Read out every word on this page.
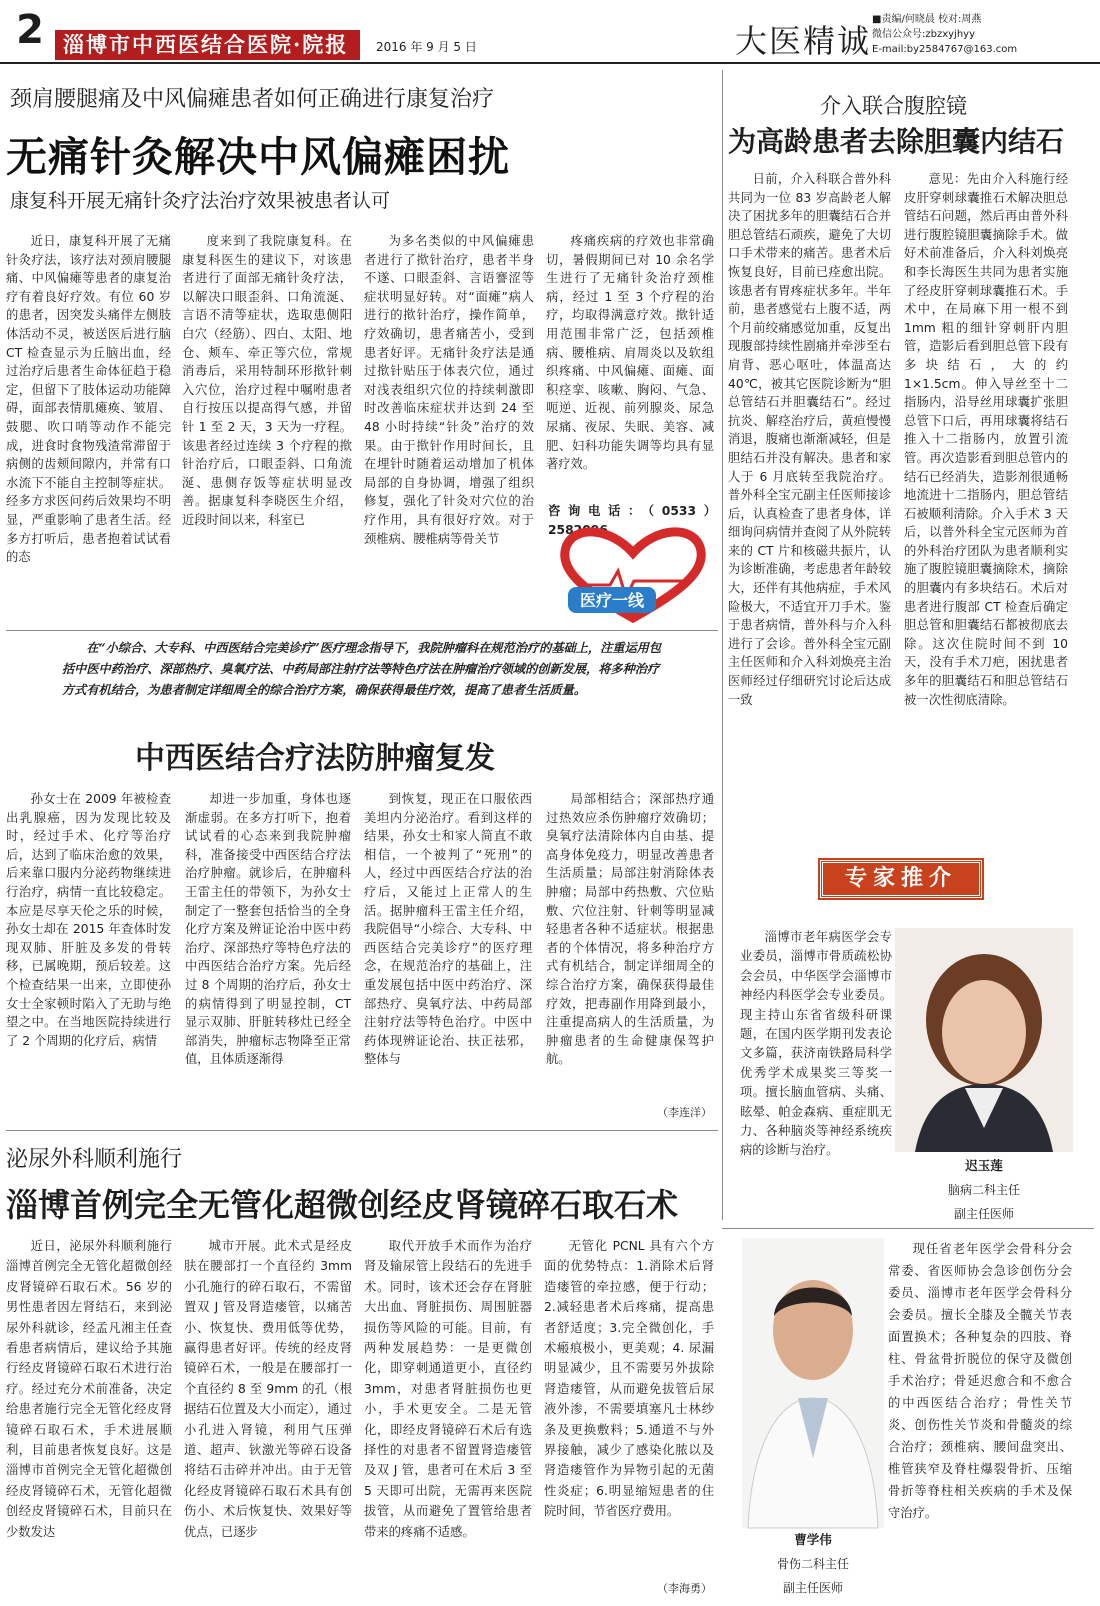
2 淄博市中西医结合医院·院报	2016 年 9 月 5 日	大医精诚
■责编/何晓晨 校对:周燕
微信公众号:zbzxyjhyy
E-mail:by2584767@163.com
颈肩腰腿痛及中风偏瘫患者如何正确进行康复治疗
无痛针灸解决中风偏瘫困扰
康复科开展无痛针灸疗法治疗效果被患者认可

近日，康复科开展了无痛针灸疗法，该疗法对颈肩腰腿痛、中风偏瘫等患者的康复治疗有着良好疗效。有位 60 岁的患者，因突发头痛伴左侧肢体活动不灵，被送医后进行脑 CT 检查显示为丘脑出血，经过治疗后患者生命体征趋于稳定，但留下了肢体运动功能障碍，面部表情肌瘫痪、皱眉、鼓腮、吹口哨等动作不能完成，进食时食物残渣常滞留于病侧的齿颊间隙内，并常有口水流下不能自主控制等症状。经多方求医问药后效果均不明显，严重影响了患者生活。经多方打听后，患者抱着试试看的态

度来到了我院康复科。在康复科医生的建议下，对该患者进行了面部无痛针灸疗法，以解决口眼歪斜、口角流涎、言语不清等症状，选取患侧阳白穴（经筋）、四白、太阳、地仓、颊车、牵正等穴位，常规消毒后，采用特制环形揿针刺入穴位，治疗过程中嘱咐患者自行按压以提高得气感，并留针 1 至 2 天，3 天为一疗程。该患者经过连续 3 个疗程的揿针治疗后，口眼歪斜、口角流涎、患侧存饭等症状明显改善。据康复科李晓医生介绍，近段时间以来，科室已

为多名类似的中风偏瘫患者进行了揿针治疗，患者半身不遂、口眼歪斜、言语謇涩等症状明显好转。对“面瘫”病人进行的揿针治疗，操作简单，疗效确切，患者痛苦小，受到患者好评。无痛针灸疗法是通过揿针贴压于体表穴位，通过对浅表组织穴位的持续刺激即时改善临床症状并达到 24 至 48 小时持续“针灸”治疗的效果。由于揿针作用时间长，且在埋针时随着运动增加了机体局部的自身协调，增强了组织修复，强化了针灸对穴位的治疗作用，具有很好疗效。对于颈椎病、腰椎病等骨关节

疼痛疾病的疗效也非常确切，暑假期间已对 10 余名学生进行了无痛针灸治疗颈椎病，经过 1 至 3 个疗程的治疗，均取得满意疗效。揿针适用范围非常广泛，包括颈椎病、腰椎病、肩周炎以及软组织疼痛、中风偏瘫、面瘫、面积痉挛、咳嗽、胸闷、气急、呃逆、近视、前列腺炎、尿急尿痛、夜尿、失眠、美容、减肥、妇科功能失调等均具有显著疗效。

咨询电话：（0533）2582096
医疗一线
在“小综合、大专科、中西医结合完美诊疗”医疗理念指导下，我院肿瘤科在规范治疗的基础上，注重运用包括中医中药治疗、深部热疗、臭氧疗法、中药局部注射疗法等特色疗法在肿瘤治疗领域的创新发展，将多种治疗方式有机结合，为患者制定详细周全的综合治疗方案，确保获得最佳疗效，提高了患者生活质量。
中西医结合疗法防肿瘤复发

孙女士在 2009 年被检查出乳腺癌，因为发现比较及时，经过手术、化疗等治疗后，达到了临床治愈的效果，后来靠口服内分泌药物继续进行治疗，病情一直比较稳定。本应是尽享天伦之乐的时候，孙女士却在 2015 年查体时发现双肺、肝脏及多发的骨转移，已属晚期，预后较差。这个检查结果一出来，立即使孙女士全家顿时陷入了无助与绝望之中。在当地医院持续进行了 2 个周期的化疗后，病情

却进一步加重，身体也逐渐虚弱。在多方打听下，抱着试试看的心态来到我院肿瘤科，准备接受中西医结合疗法治疗肿瘤。就诊后，在肿瘤科王雷主任的带领下，为孙女士制定了一整套包括恰当的全身化疗方案及辨证论治中医中药治疗、深部热疗等特色疗法的中西医结合治疗方案。先后经过 8 个周期的治疗后，孙女士的病情得到了明显控制，CT 显示双肺、肝脏转移灶已经全部消失，肿瘤标志物降至正常值，且体质逐渐得

到恢复，现正在口服依西美坦内分泌治疗。看到这样的结果，孙女士和家人简直不敢相信，一个被判了“死刑”的人，经过中西医结合疗法的治疗后，又能过上正常人的生活。据肿瘤科王雷主任介绍，我院倡导“小综合、大专科、中西医结合完美诊疗”的医疗理念，在规范治疗的基础上，注重发展包括中医中药治疗、深部热疗、臭氧疗法、中药局部注射疗法等特色治疗。中医中药体现辨证论治、扶正祛邪，整体与

局部相结合；深部热疗通过热效应杀伤肿瘤疗效确切；臭氧疗法清除体内自由基、提高身体免疫力，明显改善患者生活质量；局部注射消除体表肿瘤；局部中药热敷、穴位贴敷、穴位注射、针刺等明显减轻患者各种不适症状。根据患者的个体情况，将多种治疗方式有机结合，制定详细周全的综合治疗方案，确保获得最佳疗效，把毒副作用降到最小，注重提高病人的生活质量，为肿瘤患者的生命健康保驾护航。

（李连洋）
介入联合腹腔镜
为高龄患者去除胆囊内结石

日前，介入科联合普外科共同为一位 83 岁高龄老人解决了困扰多年的胆囊结石合并胆总管结石顽疾，避免了大切口手术带来的痛苦。患者术后恢复良好，目前已痊愈出院。该患者有胃疼症状多年。半年前，患者感觉右上腹不适，两个月前绞痛感觉加重，反复出现腹部持续性剧痛并牵涉至右肩背、恶心呕吐，体温高达 40℃，被其它医院诊断为“胆总管结石并胆囊结石”。经过抗炎、解痉治疗后，黄疸慢慢消退，腹痛也渐渐减轻，但是胆结石并没有解决。患者和家人于 6 月底转至我院治疗。普外科全宝元副主任医师接诊后，认真检查了患者身体，详细询问病情并查阅了从外院转来的 CT 片和核磁共振片，认为诊断准确，考虑患者年龄较大，还伴有其他病症，手术风险极大，不适宜开刀手术。鉴于患者病情，普外科与介入科进行了会诊。普外科全宝元副主任医师和介入科刘焕亮主治医师经过仔细研究讨论后达成一致

意见：先由介入科施行经皮肝穿刺球囊推石术解决胆总管结石问题，然后再由普外科进行腹腔镜胆囊摘除手术。做好术前准备后，介入科刘焕亮和李长海医生共同为患者实施了经皮肝穿刺球囊推石术。手术中，在局麻下用一根不到 1mm 粗的细针穿刺肝内胆管，造影后看到胆总管下段有多块结石，大的约 1×1.5cm。伸入导丝至十二指肠内，沿导丝用球囊扩张胆总管下口后，再用球囊将结石推入十二指肠内，放置引流管。再次造影看到胆总管内的结石已经消失，造影剂很通畅地流进十二指肠内，胆总管结石被顺利清除。介入手术 3 天后，以普外科全宝元医师为首的外科治疗团队为患者顺利实施了腹腔镜胆囊摘除术，摘除的胆囊内有多块结石。术后对患者进行腹部 CT 检查后确定胆总管和胆囊结石都被彻底去除。这次住院时间不到 10 天，没有手术刀疤，困扰患者多年的胆囊结石和胆总管结石被一次性彻底清除。

专家推介

淄博市老年病医学会专业委员，淄博市骨质疏松协会会员，中华医学会淄博市神经内科医学会专业委员。现主持山东省省级科研课题，在国内医学期刊发表论文多篇，获济南铁路局科学优秀学术成果奖三等奖一项。擅长脑血管病、头痛、眩晕、帕金森病、重症肌无力、各种脑炎等神经系统疾病的诊断与治疗。

迟玉莲
脑病二科主任
副主任医师
曹学伟
骨伤二科主任
副主任医师

现任省老年医学会骨科分会常委、省医师协会急诊创伤分会委员、淄博市老年医学会骨科分会委员。擅长全膝及全髋关节表面置换术；各种复杂的四肢、脊柱、骨盆骨折脱位的保守及微创手术治疗；骨延迟愈合和不愈合的中西医结合治疗；骨性关节炎、创伤性关节炎和骨髓炎的综合治疗；颈椎病、腰间盘突出、椎管狭窄及脊柱爆裂骨折、压缩骨折等脊柱相关疾病的手术及保守治疗。

泌尿外科顺利施行
淄博首例完全无管化超微创经皮肾镜碎石取石术

近日，泌尿外科顺利施行淄博首例完全无管化超微创经皮肾镜碎石取石术。56 岁的男性患者因左肾结石，来到泌尿外科就诊，经孟凡湘主任查看患者病情后，建议给予其施行经皮肾镜碎石取石术进行治疗。经过充分术前准备，决定给患者施行完全无管化经皮肾镜碎石取石术，手术进展顺利，目前患者恢复良好。这是淄博市首例完全无管化超微创经皮肾镜碎石术，无管化超微创经皮肾镜碎石术，目前只在少数发达

城市开展。此术式是经皮肤在腰部打一个直径约 3mm 小孔施行的碎石取石，不需留置双 J 管及肾造瘘管，以痛苦小、恢复快、费用低等优势，赢得患者好评。传统的经皮肾镜碎石术，一般是在腰部打一个直径约 8 至 9mm 的孔（根据结石位置及大小而定），通过小孔进入肾镜，利用气压弹道、超声、钬激光等碎石设备将结石击碎并冲出。由于无管化经皮肾镜碎石取石术具有创伤小、术后恢复快、效果好等优点，已逐步

取代开放手术而作为治疗肾及输尿管上段结石的先进手术。同时，该术还会存在肾脏大出血、肾脏损伤、周围脏器损伤等风险的可能。目前，有两种发展趋势：一是更微创化，即穿刺通道更小，直径约 3mm，对患者肾脏损伤也更小，手术更安全。二是无管化，即经皮肾镜碎石术后有选择性的对患者不留置肾造瘘管及双 J 管，患者可在术后 3 至 5 天即可出院，无需再来医院拔管，从而避免了置管给患者带来的疼痛不适感。

无管化 PCNL 具有六个方面的优势特点：1.消除术后肾造瘘管的牵拉感，便于行动；2.减轻患者术后疼痛，提高患者舒适度；3.完全微创化，手术瘢痕极小，更美观；4. 尿漏明显减少，且不需要另外拔除肾造瘘管，从而避免拔管后尿液外渗，不需要填塞凡士林纱条及更换敷料；5.通道不与外界接触，减少了感染化脓以及肾造瘘管作为异物引起的无菌性炎症；6.明显缩短患者的住院时间，节省医疗费用。

（李海勇）
